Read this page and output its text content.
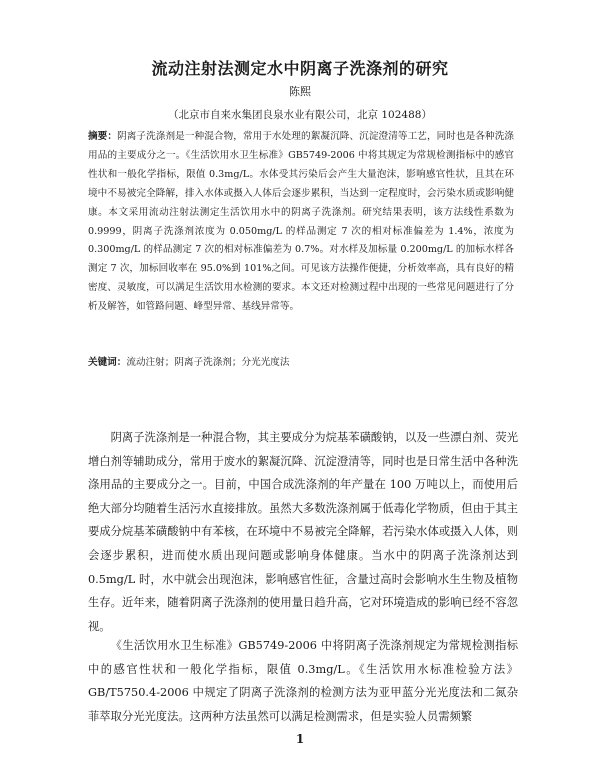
流动注射法测定水中阴离子洗涤剂的研究
陈熙
（北京市自来水集团良泉水业有限公司，北京 102488）

摘要：阴离子洗涤剂是一种混合物，常用于水处理的絮凝沉降、沉淀澄清等工艺，同时也是各种洗涤用品的主要成分之一。《生活饮用水卫生标准》GB5749-2006 中将其规定为常规检测指标中的感官性状和一般化学指标，限值 0.3mg/L。水体受其污染后会产生大量泡沫，影响感官性状，且其在环境中不易被完全降解，排入水体或摄入人体后会逐步累积，当达到一定程度时，会污染水质或影响健康。本文采用流动注射法测定生活饮用水中的阴离子洗涤剂。研究结果表明，该方法线性系数为 0.9999，阴离子洗涤剂浓度为 0.050mg/L 的样品测定 7 次的相对标准偏差为 1.4%，浓度为 0.300mg/L 的样品测定 7 次的相对标准偏差为 0.7%。对水样及加标量 0.200mg/L 的加标水样各测定 7 次，加标回收率在 95.0%到 101%之间。可见该方法操作便捷，分析效率高，具有良好的精密度、灵敏度，可以满足生活饮用水检测的要求。本文还对检测过程中出现的一些常见问题进行了分析及解答，如管路问题、峰型异常、基线异常等。

关键词：流动注射；阴离子洗涤剂；分光光度法

阴离子洗涤剂是一种混合物，其主要成分为烷基苯磺酸钠，以及一些漂白剂、荧光增白剂等辅助成分，常用于废水的絮凝沉降、沉淀澄清等，同时也是日常生活中各种洗涤用品的主要成分之一。目前，中国合成洗涤剂的年产量在 100 万吨以上，而使用后绝大部分均随着生活污水直接排放。虽然大多数洗涤剂属于低毒化学物质，但由于其主要成分烷基苯磺酸钠中有苯核，在环境中不易被完全降解，若污染水体或摄入人体，则会逐步累积，进而使水质出现问题或影响身体健康。当水中的阴离子洗涤剂达到 0.5mg/L 时，水中就会出现泡沫，影响感官性征，含量过高时会影响水生生物及植物生存。近年来，随着阴离子洗涤剂的使用量日趋升高，它对环境造成的影响已经不容忽视。

《生活饮用水卫生标准》GB5749-2006 中将阴离子洗涤剂规定为常规检测指标中的感官性状和一般化学指标，限值 0.3mg/L。《生活饮用水标准检验方法》GB/T5750.4-2006 中规定了阴离子洗涤剂的检测方法为亚甲蓝分光光度法和二氮杂菲萃取分光光度法。这两种方法虽然可以满足检测需求，但是实验人员需频繁

1
